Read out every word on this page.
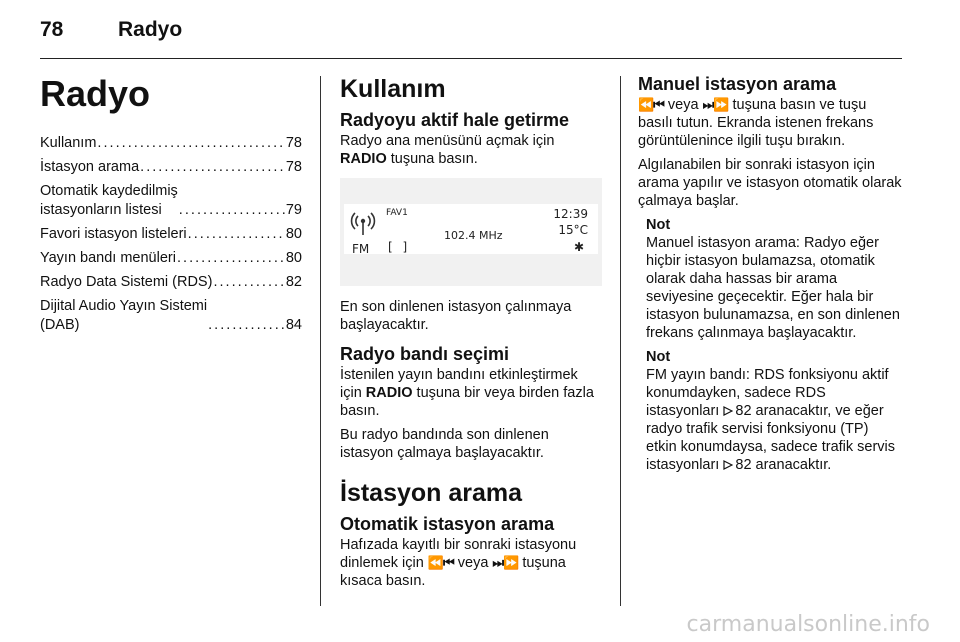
78	Radyo
Radyo
Kullanım . . .	78
İstasyon arama . . .	78
Otomatik kaydedilmiş
istasyonların listesi . . .	79
Favori istasyon listeleri . . .	80
Yayın bandı menüleri . . .	80
Radyo Data Sistemi (RDS) . . .	82
Dijital Audio Yayın Sistemi
(DAB) . . .	84
Kullanım
Radyoyu aktif hale getirme

Radyo ana menüsünü açmak için RADIO tuşuna basın.

FAV1
102.4 MHz
12:39
15°C
FM [ ]	✱

En son dinlenen istasyon çalınmaya başlayacaktır.

Radyo bandı seçimi

İstenilen yayın bandını etkinleştirmek için RADIO tuşuna bir veya birden fazla basın.

Bu radyo bandında son dinlenen istasyon çalmaya başlayacaktır.

İstasyon arama
Otomatik istasyon arama

Hafızada kayıtlı bir sonraki istasyonu dinlemek için ⏪⏮ veya ⏭⏩ tuşuna kısaca basın.

Manuel istasyon arama

⏪⏮ veya ⏭⏩ tuşuna basın ve tuşu basılı tutun. Ekranda istenen frekans görüntülenince ilgili tuşu bırakın.

Algılanabilen bir sonraki istasyon için arama yapılır ve istasyon otomatik olarak çalmaya başlar.

Not

Manuel istasyon arama: Radyo eğer hiçbir istasyon bulamazsa, otomatik olarak daha hassas bir arama seviyesine geçecektir. Eğer hala bir istasyon bulunamazsa, en son dinlenen frekans çalınmaya başlayacaktır.

Not

FM yayın bandı: RDS fonksiyonu aktif konumdayken, sadece RDS istasyonları 82 aranacaktır, ve eğer radyo trafik servisi fonksiyonu (TP) etkin konumdaysa, sadece trafik servis istasyonları 82 aranacaktır.

carmanualsonline.info
